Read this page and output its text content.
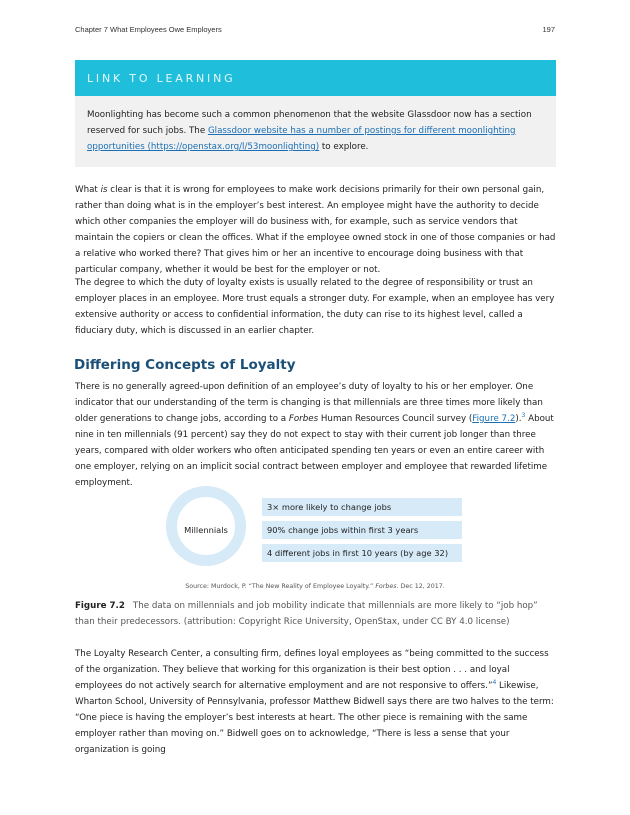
Chapter 7 What Employees Owe Employers	197
LINK TO LEARNING
Moonlighting has become such a common phenomenon that the website Glassdoor now has a section reserved for such jobs. The Glassdoor website has a number of postings for different moonlighting opportunities (https://openstax.org/l/53moonlighting) to explore.

What is clear is that it is wrong for employees to make work decisions primarily for their own personal gain, rather than doing what is in the employer’s best interest. An employee might have the authority to decide which other companies the employer will do business with, for example, such as service vendors that maintain the copiers or clean the offices. What if the employee owned stock in one of those companies or had a relative who worked there? That gives him or her an incentive to encourage doing business with that particular company, whether it would be best for the employer or not.

The degree to which the duty of loyalty exists is usually related to the degree of responsibility or trust an employer places in an employee. More trust equals a stronger duty. For example, when an employee has very extensive authority or access to confidential information, the duty can rise to its highest level, called a fiduciary duty, which is discussed in an earlier chapter.

Differing Concepts of Loyalty

There is no generally agreed-upon definition of an employee’s duty of loyalty to his or her employer. One indicator that our understanding of the term is changing is that millennials are three times more likely than older generations to change jobs, according to a Forbes Human Resources Council survey (Figure 7.2).$^3$ About nine in ten millennials (91 percent) say they do not expect to stay with their current job longer than three years, compared with older workers who often anticipated spending ten years or even an entire career with one employer, relying on an implicit social contract between employer and employee that rewarded lifetime employment.

Millennials
3× more likely to change jobs
90% change jobs within first 3 years
4 different jobs in first 10 years (by age 32)
Source: Murdock, P. “The New Reality of Employee Loyalty.” Forbes. Dec 12, 2017.

Figure 7.2 The data on millennials and job mobility indicate that millennials are more likely to “job hop” than their predecessors. (attribution: Copyright Rice University, OpenStax, under CC BY 4.0 license)

The Loyalty Research Center, a consulting firm, defines loyal employees as “being committed to the success of the organization. They believe that working for this organization is their best option . . . and loyal employees do not actively search for alternative employment and are not responsive to offers.”$^4$ Likewise, Wharton School, University of Pennsylvania, professor Matthew Bidwell says there are two halves to the term: “One piece is having the employer’s best interests at heart. The other piece is remaining with the same employer rather than moving on.” Bidwell goes on to acknowledge, “There is less a sense that your organization is going
